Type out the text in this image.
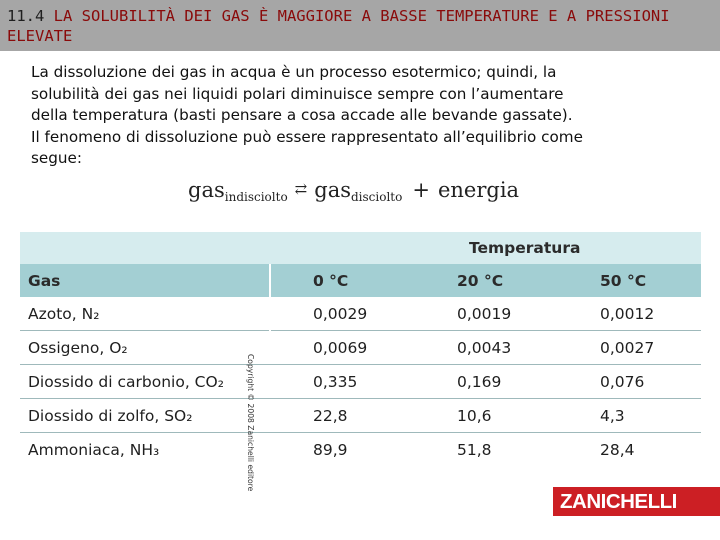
11.4 LA SOLUBILITÀ DEI GAS È MAGGIORE A BASSE TEMPERATURE E A PRESSIONI ELEVATE
La dissoluzione dei gas in acqua è un processo esotermico; quindi, la
solubilità dei gas nei liquidi polari diminuisce sempre con l’aumentare
della temperatura (basti pensare a cosa accade alle bevande gassate).
Il fenomeno di dissoluzione può essere rappresentato all’equilibrio come
segue:
gas$_{indisciolto}$ ⇄ gas$_{disciolto}$ + energia
Temperatura
Gas	0 °C	20 °C	50 °C
Azoto, N₂	0,0029	0,0019	0,0012
Ossigeno, O₂	0,0069	0,0043	0,0027
Diossido di carbonio, CO₂	0,335	0,169	0,076
Diossido di zolfo, SO₂	22,8	10,6	4,3
Ammoniaca, NH₃	89,9	51,8	28,4
Copyright © 2008 Zanichelli editore
ZANICHELLI
